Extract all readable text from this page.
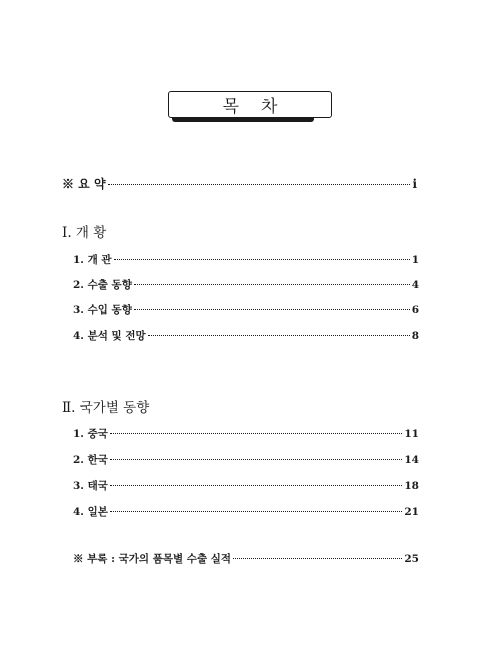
목 차
※ 요 약	i
Ⅰ. 개 황
1. 개 관	1
2. 수출 동향	4
3. 수입 동향	6
4. 분석 및 전망	8
Ⅱ. 국가별 동향
1. 중국	11
2. 한국	14
3. 태국	18
4. 일본	21
※ 부록 : 국가의 품목별 수출 실적	25
